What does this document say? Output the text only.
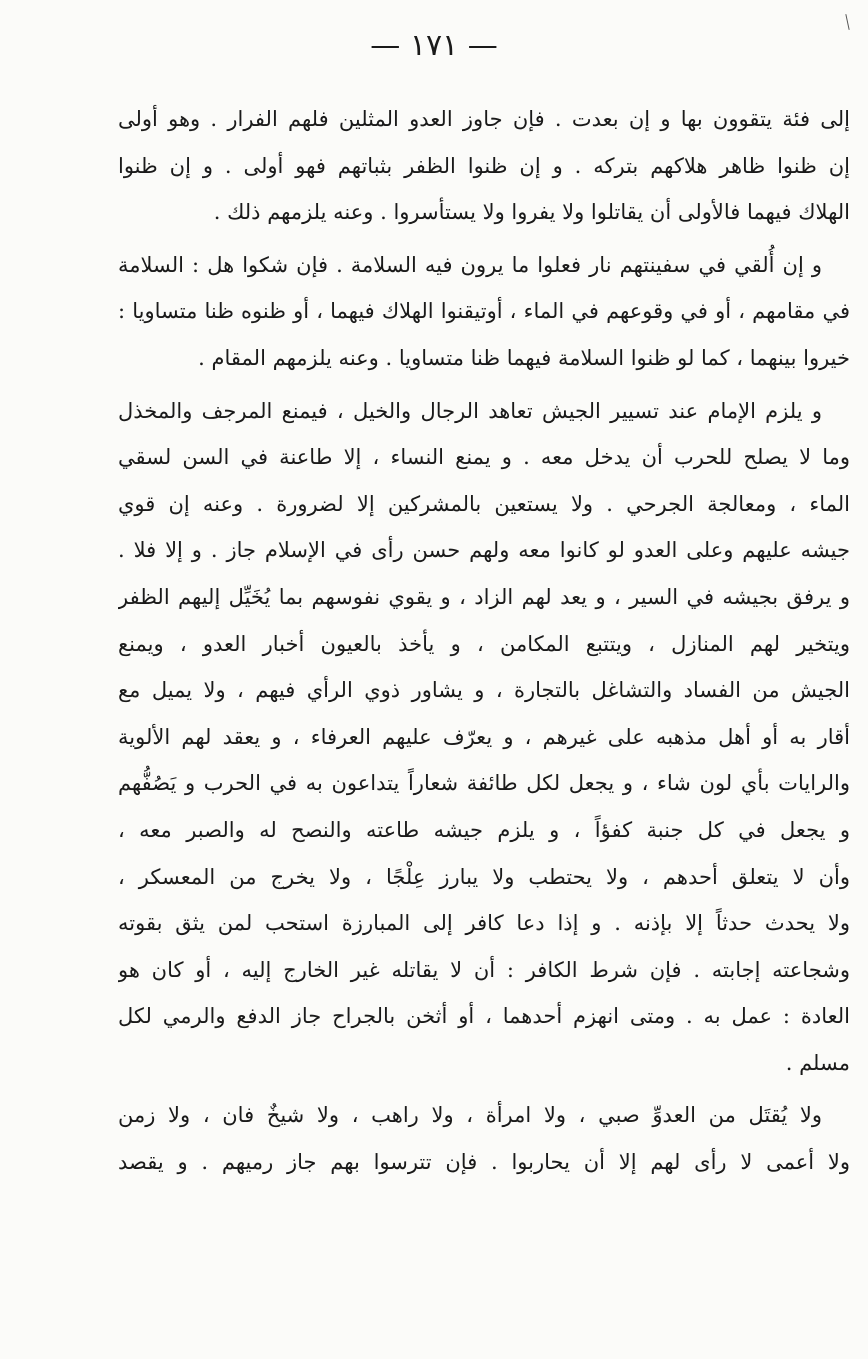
— ١٧١ —
إلى فئة يتقوون بها و إن بعدت . فإن جاوز العدو المثلين فلهم الفرار . وهو أولى
إن ظنوا ظاهر هلاكهم بتركه . و إن ظنوا الظفر بثباتهم فهو أولى . و إن ظنوا
الهلاك فيهما فالأولى أن يقاتلوا ولا يفروا ولا يستأسروا . وعنه يلزمهم ذلك .
و إن أُلقي في سفينتهم نار فعلوا ما يرون فيه السلامة . فإن شكوا هل : السلامة
في مقامهم ، أو في وقوعهم في الماء ، أوتيقنوا الهلاك فيهما ، أو ظنوه ظنا متساويا :
خيروا بينهما ، كما لو ظنوا السلامة فيهما ظنا متساويا . وعنه يلزمهم المقام .
و يلزم الإمام عند تسيير الجيش تعاهد الرجال والخيل ، فيمنع المرجف والمخذل
وما لا يصلح للحرب أن يدخل معه . و يمنع النساء ، إلا طاعنة في السن لسقي
الماء ، ومعالجة الجرحي . ولا يستعين بالمشركين إلا لضرورة . وعنه إن قوي
جيشه عليهم وعلى العدو لو كانوا معه ولهم حسن رأى في الإسلام جاز . و إلا فلا .
و يرفق بجيشه في السير ، و يعد لهم الزاد ، و يقوي نفوسهم بما يُخَيِّل إليهم الظفر
ويتخير لهم المنازل ، ويتتبع المكامن ، و يأخذ بالعيون أخبار العدو ، ويمنع
الجيش من الفساد والتشاغل بالتجارة ، و يشاور ذوي الرأي فيهم ، ولا يميل مع
أقار به أو أهل مذهبه على غيرهم ، و يعرّف عليهم العرفاء ، و يعقد لهم الألوية
والرايات بأي لون شاء ، و يجعل لكل طائفة شعاراً يتداعون به في الحرب و يَصُفُّهم
و يجعل في كل جنبة كفؤاً ، و يلزم جيشه طاعته والنصح له والصبر معه ،
وأن لا يتعلق أحدهم ، ولا يحتطب ولا يبارز عِلْجًا ، ولا يخرج من المعسكر ،
ولا يحدث حدثاً إلا بإذنه . و إذا دعا كافر إلى المبارزة استحب لمن يثق بقوته
وشجاعته إجابته . فإن شرط الكافر : أن لا يقاتله غير الخارج إليه ، أو كان هو
العادة : عمل به . ومتى انهزم أحدهما ، أو أثخن بالجراح جاز الدفع والرمي لكل
مسلم .
ولا يُقتَل من العدوِّ صبي ، ولا امرأة ، ولا راهب ، ولا شيخٌ فان ، ولا زمن
ولا أعمى لا رأى لهم إلا أن يحاربوا . فإن تترسوا بهم جاز رميهم . و يقصد
